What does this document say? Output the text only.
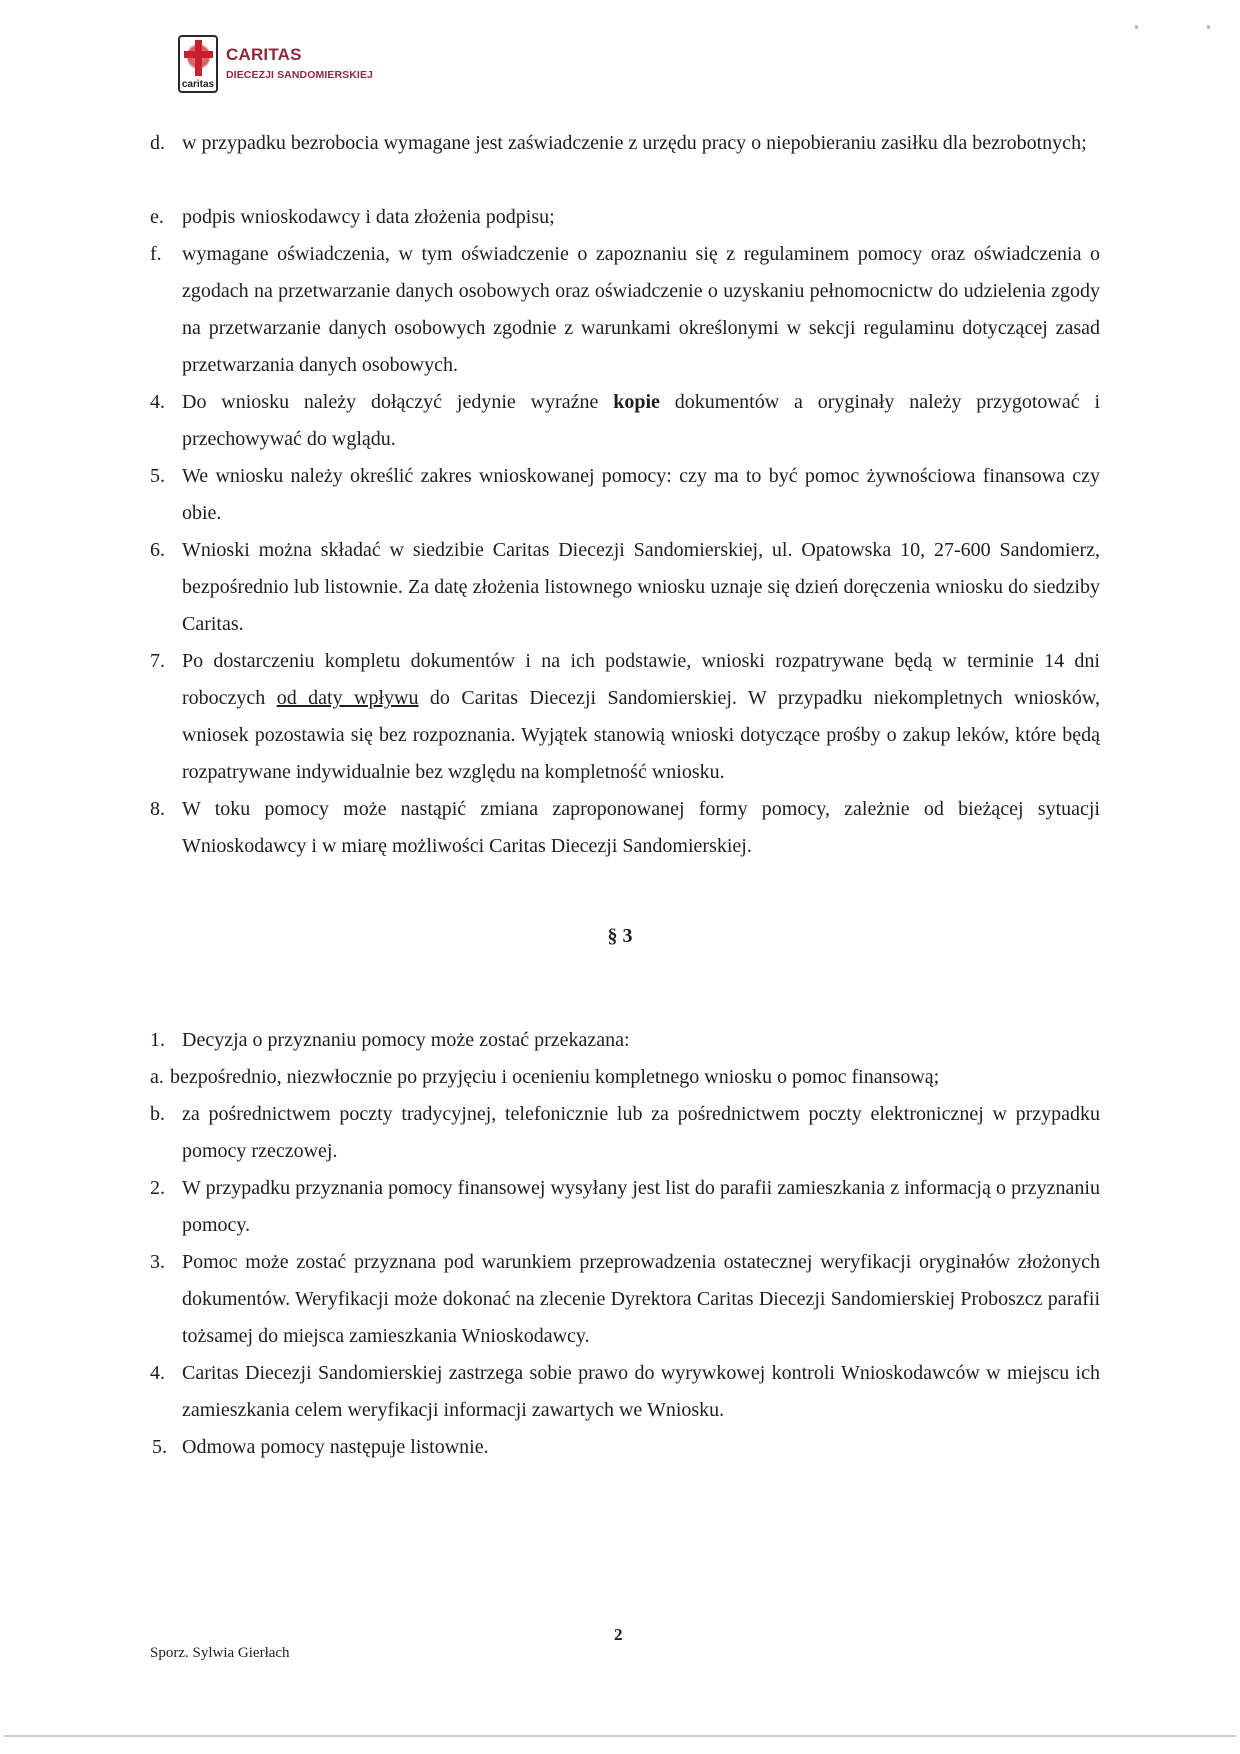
caritas
CARITAS
DIECEZJI SANDOMIERSKIEJ
d. w przypadku bezrobocia wymagane jest zaświadczenie z urzędu pracy o niepobieraniu zasiłku dla bezrobotnych;
e. podpis wnioskodawcy i data złożenia podpisu;
f. wymagane oświadczenia, w tym oświadczenie o zapoznaniu się z regulaminem pomocy oraz oświadczenia o zgodach na przetwarzanie danych osobowych oraz oświadczenie o uzyskaniu pełnomocnictw do udzielenia zgody na przetwarzanie danych osobowych zgodnie z warunkami określonymi w sekcji regulaminu dotyczącej zasad przetwarzania danych osobowych.
4. Do wniosku należy dołączyć jedynie wyraźne kopie dokumentów a oryginały należy przygotować i przechowywać do wglądu.
5. We wniosku należy określić zakres wnioskowanej pomocy: czy ma to być pomoc żywnościowa finansowa czy obie.
6. Wnioski można składać w siedzibie Caritas Diecezji Sandomierskiej, ul. Opatowska 10, 27-600 Sandomierz, bezpośrednio lub listownie. Za datę złożenia listownego wniosku uznaje się dzień doręczenia wniosku do siedziby Caritas.
7. Po dostarczeniu kompletu dokumentów i na ich podstawie, wnioski rozpatrywane będą w terminie 14 dni roboczych od daty wpływu do Caritas Diecezji Sandomierskiej. W przypadku niekompletnych wniosków, wniosek pozostawia się bez rozpoznania. Wyjątek stanowią wnioski dotyczące prośby o zakup leków, które będą rozpatrywane indywidualnie bez względu na kompletność wniosku.
8. W toku pomocy może nastąpić zmiana zaproponowanej formy pomocy, zależnie od bieżącej sytuacji Wnioskodawcy i w miarę możliwości Caritas Diecezji Sandomierskiej.
§ 3
1. Decyzja o przyznaniu pomocy może zostać przekazana:
a. bezpośrednio, niezwłocznie po przyjęciu i ocenieniu kompletnego wniosku o pomoc finansową;
b. za pośrednictwem poczty tradycyjnej, telefonicznie lub za pośrednictwem poczty elektronicznej w przypadku pomocy rzeczowej.
2. W przypadku przyznania pomocy finansowej wysyłany jest list do parafii zamieszkania z informacją o przyznaniu pomocy.
3. Pomoc może zostać przyznana pod warunkiem przeprowadzenia ostatecznej weryfikacji oryginałów złożonych dokumentów. Weryfikacji może dokonać na zlecenie Dyrektora Caritas Diecezji Sandomierskiej Proboszcz parafii tożsamej do miejsca zamieszkania Wnioskodawcy.
4. Caritas Diecezji Sandomierskiej zastrzega sobie prawo do wyrywkowej kontroli Wnioskodawców w miejscu ich zamieszkania celem weryfikacji informacji zawartych we Wniosku.
5. Odmowa pomocy następuje listownie.
2
Sporz. Sylwia Gierłach
